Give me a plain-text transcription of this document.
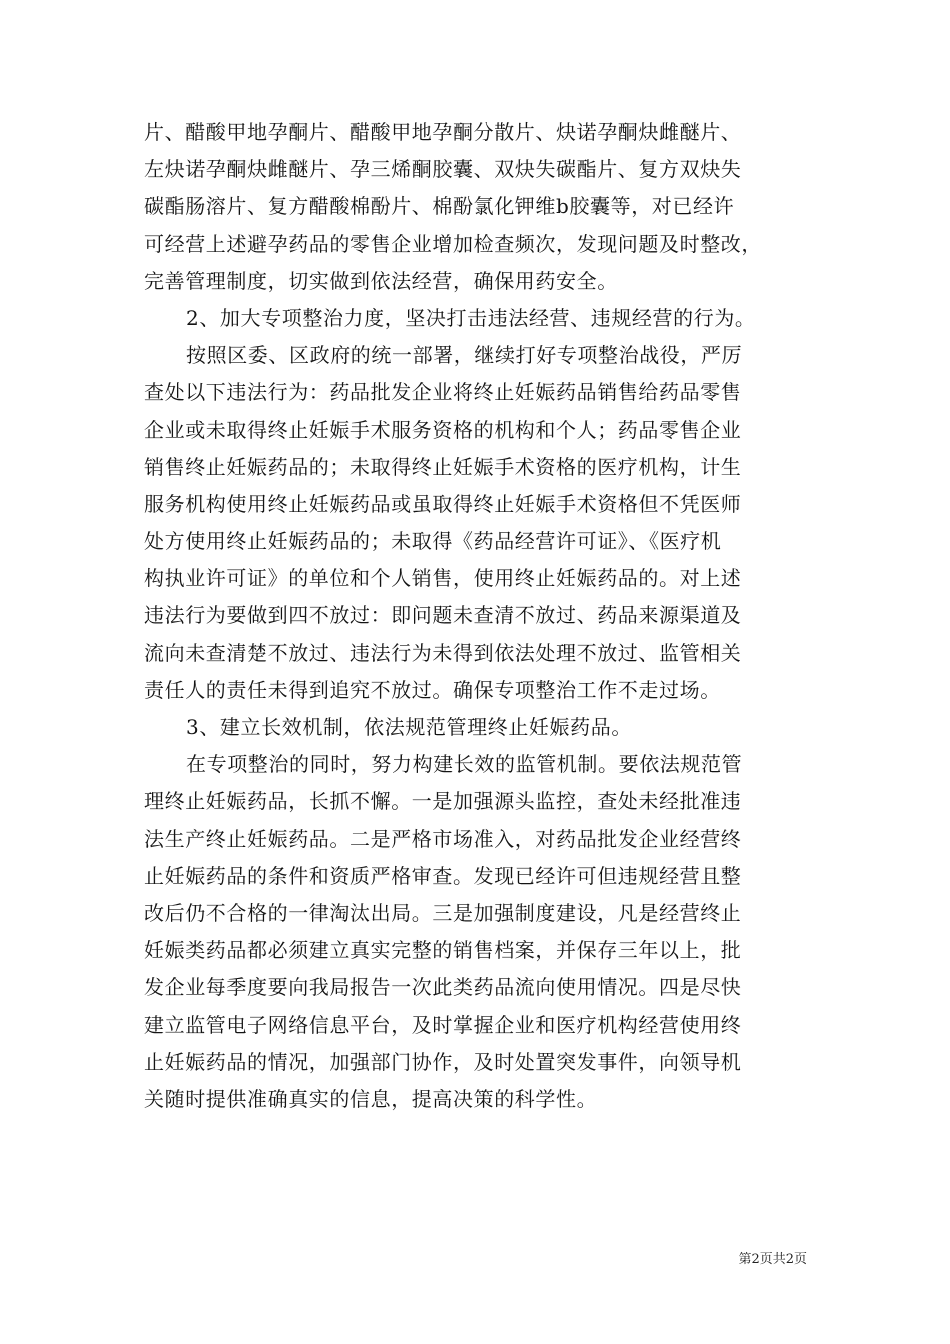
片、醋酸甲地孕酮片、醋酸甲地孕酮分散片、炔诺孕酮炔雌醚片、
左炔诺孕酮炔雌醚片、孕三烯酮胶囊、双炔失碳酯片、复方双炔失
碳酯肠溶片、复方醋酸棉酚片、棉酚氯化钾维b胶囊等，对已经许
可经营上述避孕药品的零售企业增加检查频次，发现问题及时整改，
完善管理制度，切实做到依法经营，确保用药安全。
2、加大专项整治力度，坚决打击违法经营、违规经营的行为。
按照区委、区政府的统一部署，继续打好专项整治战役，严厉
查处以下违法行为：药品批发企业将终止妊娠药品销售给药品零售
企业或未取得终止妊娠手术服务资格的机构和个人；药品零售企业
销售终止妊娠药品的；未取得终止妊娠手术资格的医疗机构，计生
服务机构使用终止妊娠药品或虽取得终止妊娠手术资格但不凭医师
处方使用终止妊娠药品的；未取得《药品经营许可证》、《医疗机
构执业许可证》的单位和个人销售，使用终止妊娠药品的。对上述
违法行为要做到四不放过：即问题未查清不放过、药品来源渠道及
流向未查清楚不放过、违法行为未得到依法处理不放过、监管相关
责任人的责任未得到追究不放过。确保专项整治工作不走过场。
3、建立长效机制，依法规范管理终止妊娠药品。
在专项整治的同时，努力构建长效的监管机制。要依法规范管
理终止妊娠药品，长抓不懈。一是加强源头监控，查处未经批准违
法生产终止妊娠药品。二是严格市场准入，对药品批发企业经营终
止妊娠药品的条件和资质严格审查。发现已经许可但违规经营且整
改后仍不合格的一律淘汰出局。三是加强制度建设，凡是经营终止
妊娠类药品都必须建立真实完整的销售档案，并保存三年以上，批
发企业每季度要向我局报告一次此类药品流向使用情况。四是尽快
建立监管电子网络信息平台，及时掌握企业和医疗机构经营使用终
止妊娠药品的情况，加强部门协作，及时处置突发事件，向领导机
关随时提供准确真实的信息，提高决策的科学性。
第2页共2页
